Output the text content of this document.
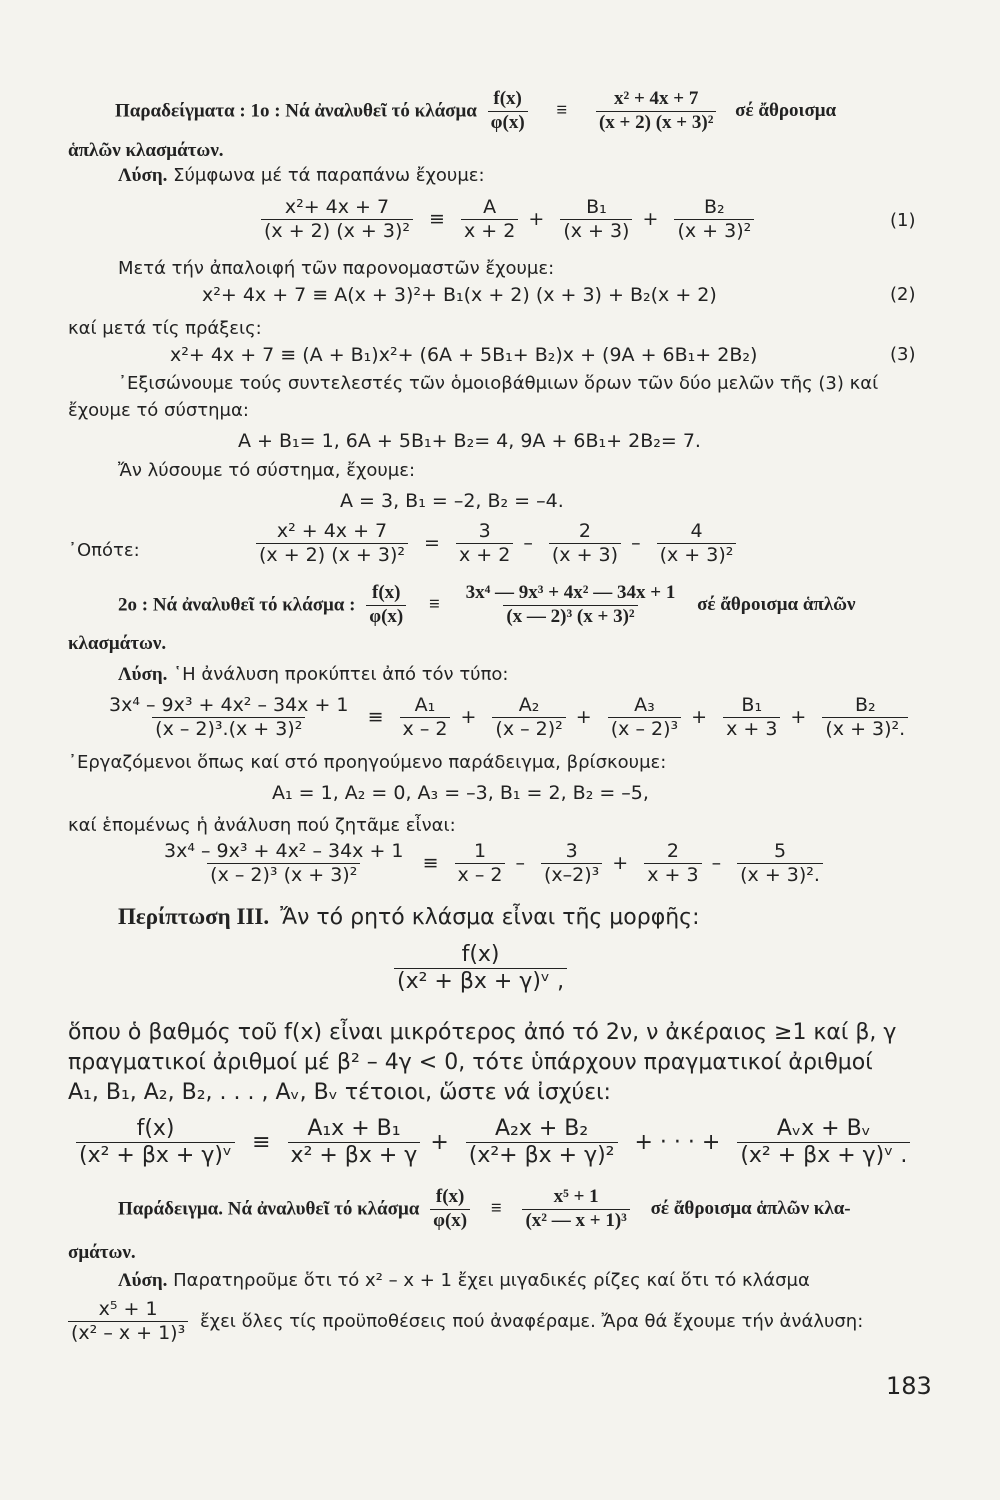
Παραδείγματα : 1ο : Νά ἀναλυθεῖ τό κλάσμα $\frac{f(x)}{\varphi(x)} \equiv \frac{\text{x² + 4x + 7}}{\text{(x + 2) (x + 3)²}}$ σέ ἄθροισμα
ἁπλῶν κλασμάτων.
Λύση. Σύμφωνα μέ τά παραπάνω ἔχουμε:
$\frac{\text{x²+ 4x + 7}}{\text{(x + 2) (x + 3)²}} \equiv \frac{A}{x + 2} + \frac{\text{B₁}}{(x + 3)} + \frac{\text{B₂}}{\text{(x + 3)²}}$	(1)
Μετά τήν ἀπαλοιφή τῶν παρονομαστῶν ἔχουμε:
x²+ 4x + 7 ≡ A(x + 3)²+ B₁(x + 2) (x + 3) + B₂(x + 2)	(2)
καί μετά τίς πράξεις:
x²+ 4x + 7 ≡ (A + B₁)x²+ (6A + 5B₁+ B₂)x + (9A + 6B₁+ 2B₂)	(3)
᾿Εξισώνουμε τούς συντελεστές τῶν ὁμοιοβάθμιων ὅρων τῶν δύο μελῶν τῆς (3) καί
ἔχουμε τό σύστημα:
A + B₁= 1, 6A + 5B₁+ B₂= 4, 9A + 6B₁+ 2B₂= 7.
Ἄν λύσουμε τό σύστημα, ἔχουμε:
A = 3, B₁ = –2, B₂ = –4.
᾿Οπότε:	$\frac{\text{x² + 4x + 7}}{\text{(x + 2) (x + 3)²}} = \frac{3}{x + 2} - \frac{2}{(x + 3)} - \frac{4}{\text{(x + 3)²}}$
2ο : Νά ἀναλυθεῖ τό κλάσμα : $\frac{f(x)}{\varphi(x)} \equiv \frac{\text{3x⁴ — 9x³ + 4x² — 34x + 1}}{\text{(x — 2)³ (x + 3)²}}$ σέ ἄθροισμα ἁπλῶν
κλασμάτων.
Λύση. ῾Η ἀνάλυση προκύπτει ἀπό τόν τύπο:
$\frac{\text{3x⁴ – 9x³ + 4x² – 34x + 1}}{\text{(x – 2)³.(x + 3)²}} \equiv \frac{\text{A₁}}{x - 2} + \frac{\text{A₂}}{\text{(x – 2)²}} + \frac{\text{A₃}}{\text{(x – 2)³}} + \frac{\text{B₁}}{x + 3} + \frac{\text{B₂}}{\text{(x + 3)².}}$
᾿Εργαζόμενοι ὅπως καί στό προηγούμενο παράδειγμα, βρίσκουμε:
A₁ = 1, A₂ = 0, A₃ = –3, B₁ = 2, B₂ = –5,
καί ἑπομένως ἡ ἀνάλυση πού ζητᾶμε εἶναι:
$\frac{\text{3x⁴ – 9x³ + 4x² – 34x + 1}}{\text{(x – 2)³ (x + 3)²}} \equiv \frac{1}{x - 2} - \frac{3}{\text{(x–2)³}} + \frac{2}{x + 3} - \frac{5}{\text{(x + 3)².}}$
Περίπτωση ΙΙΙ. Ἄν τό ρητό κλάσμα εἶναι τῆς μορφῆς:
$\frac{f(x)}{\text{(x² + βx + γ)ᵛ ,}}$
ὅπου ὁ βαθμός τοῦ f(x) εἶναι μικρότερος ἀπό τό 2ν, ν ἀκέραιος ≥1 καί β, γ
πραγματικοί ἀριθμοί μέ β² – 4γ < 0, τότε ὑπάρχουν πραγματικοί ἀριθμοί
A₁, B₁, A₂, B₂, . . . , Aᵥ, Bᵥ τέτοιοι, ὥστε νά ἰσχύει:
$\frac{f(x)}{\text{(x² + βx + γ)ᵛ}} \equiv \frac{\text{A₁x + B₁}}{\text{x² + βx + γ}} + \frac{\text{A₂x + B₂}}{\text{(x²+ βx + γ)²}}$ + · · · + $\frac{\text{Aᵥx + Bᵥ}}{\text{(x² + βx + γ)ᵛ .}}$
Παράδειγμα. Νά ἀναλυθεῖ τό κλάσμα $\frac{f(x)}{\varphi(x)} \equiv \frac{\text{x⁵ + 1}}{\text{(x² — x + 1)³}}$ σέ ἄθροισμα ἁπλῶν κλα-
σμάτων.
Λύση. Παρατηροῦμε ὅτι τό x² – x + 1 ἔχει μιγαδικές ρίζες καί ὅτι τό κλάσμα
$\frac{\text{x⁵ + 1}}{\text{(x² – x + 1)³}}$ ἔχει ὅλες τίς προϋποθέσεις πού ἀναφέραμε. Ἄρα θά ἔχουμε τήν ἀνάλυση:
183
